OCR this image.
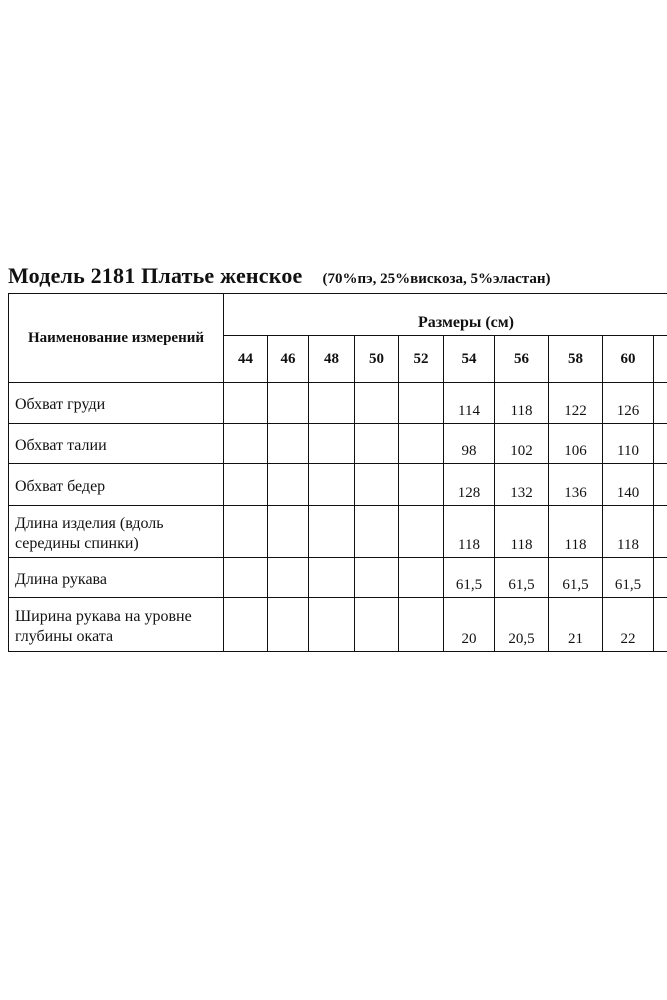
Модель 2181 Платье женское (70%пэ, 25%вискоза, 5%эластан)
Наименование измерений	Размеры (см)									
	44	46	48	50	52	54	56	58	60	
Обхват груди						114	118	122	126	
Обхват талии						98	102	106	110	
Обхват бедер						128	132	136	140	
Длина изделия (вдоль середины спинки)						118	118	118	118	
Длина рукава						61,5	61,5	61,5	61,5	
Ширина рукава на уровне глубины оката						20	20,5	21	22	
